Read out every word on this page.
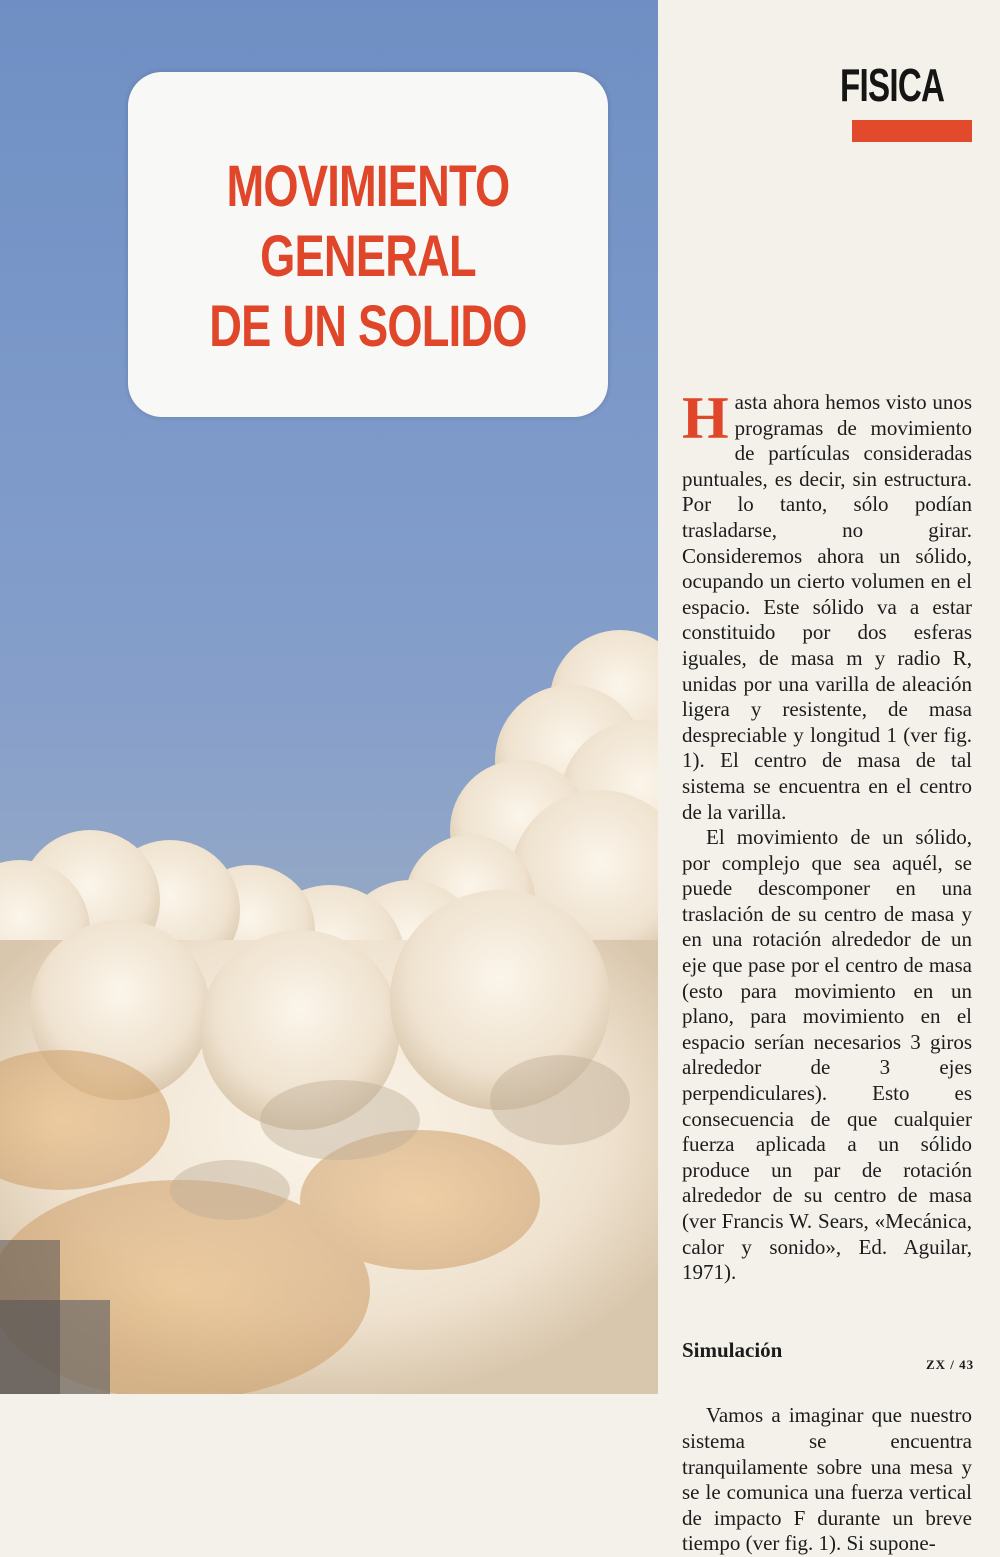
MOVIMIENTO
GENERAL
DE UN SOLIDO
FISICA

Hasta ahora hemos visto unos programas de movimiento de partículas consideradas puntuales, es decir, sin estructura. Por lo tanto, sólo podían trasladarse, no girar. Consideremos ahora un sólido, ocupando un cierto volumen en el espacio. Este sólido va a estar constituido por dos esferas iguales, de masa m y radio R, unidas por una varilla de aleación ligera y resistente, de masa despreciable y longitud 1 (ver fig. 1). El centro de masa de tal sistema se encuentra en el centro de la varilla.

El movimiento de un sólido, por complejo que sea aquél, se puede descomponer en una traslación de su centro de masa y en una rotación alrededor de un eje que pase por el centro de masa (esto para movimiento en un plano, para movimiento en el espacio serían necesarios 3 giros alrededor de 3 ejes perpendiculares). Esto es consecuencia de que cualquier fuerza aplicada a un sólido produce un par de rotación alrededor de su centro de masa (ver Francis W. Sears, «Mecánica, calor y sonido», Ed. Aguilar, 1971).

Simulación

Vamos a imaginar que nuestro sistema se encuentra tranquilamente sobre una mesa y se le comunica una fuerza vertical de impacto F durante un breve tiempo (ver fig. 1). Si supone-

ZX / 43
